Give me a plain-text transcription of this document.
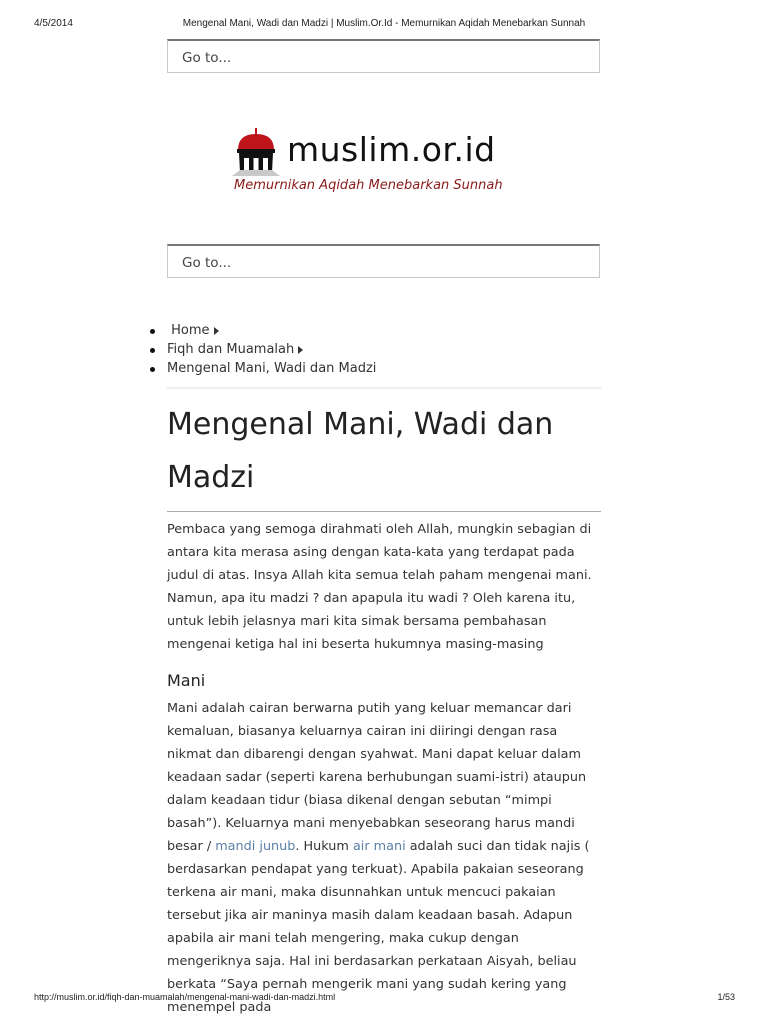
4/5/2014	Mengenal Mani, Wadi dan Madzi | Muslim.Or.Id - Memurnikan Aqidah Menebarkan Sunnah
Go to...
muslim.or.id
Memurnikan Aqidah Menebarkan Sunnah
Go to...
Home
Fiqh dan Muamalah
Mengenal Mani, Wadi dan Madzi
Mengenal Mani, Wadi dan Madzi

Pembaca yang semoga dirahmati oleh Allah, mungkin sebagian di antara kita merasa asing dengan kata-kata yang terdapat pada judul di atas. Insya Allah kita semua telah paham mengenai mani. Namun, apa itu madzi ? dan apapula itu wadi ? Oleh karena itu, untuk lebih jelasnya mari kita simak bersama pembahasan mengenai ketiga hal ini beserta hukumnya masing-masing

Mani

Mani adalah cairan berwarna putih yang keluar memancar dari kemaluan, biasanya keluarnya cairan ini diiringi dengan rasa nikmat dan dibarengi dengan syahwat. Mani dapat keluar dalam keadaan sadar (seperti karena berhubungan suami-istri) ataupun dalam keadaan tidur (biasa dikenal dengan sebutan “mimpi basah”). Keluarnya mani menyebabkan seseorang harus mandi besar / mandi junub. Hukum air mani adalah suci dan tidak najis ( berdasarkan pendapat yang terkuat). Apabila pakaian seseorang terkena air mani, maka disunnahkan untuk mencuci pakaian tersebut jika air maninya masih dalam keadaan basah. Adapun apabila air mani telah mengering, maka cukup dengan mengeriknya saja. Hal ini berdasarkan perkataan Aisyah, beliau berkata “Saya pernah mengerik mani yang sudah kering yang menempel pada

http://muslim.or.id/fiqh-dan-muamalah/mengenal-mani-wadi-dan-madzi.html	1/53
